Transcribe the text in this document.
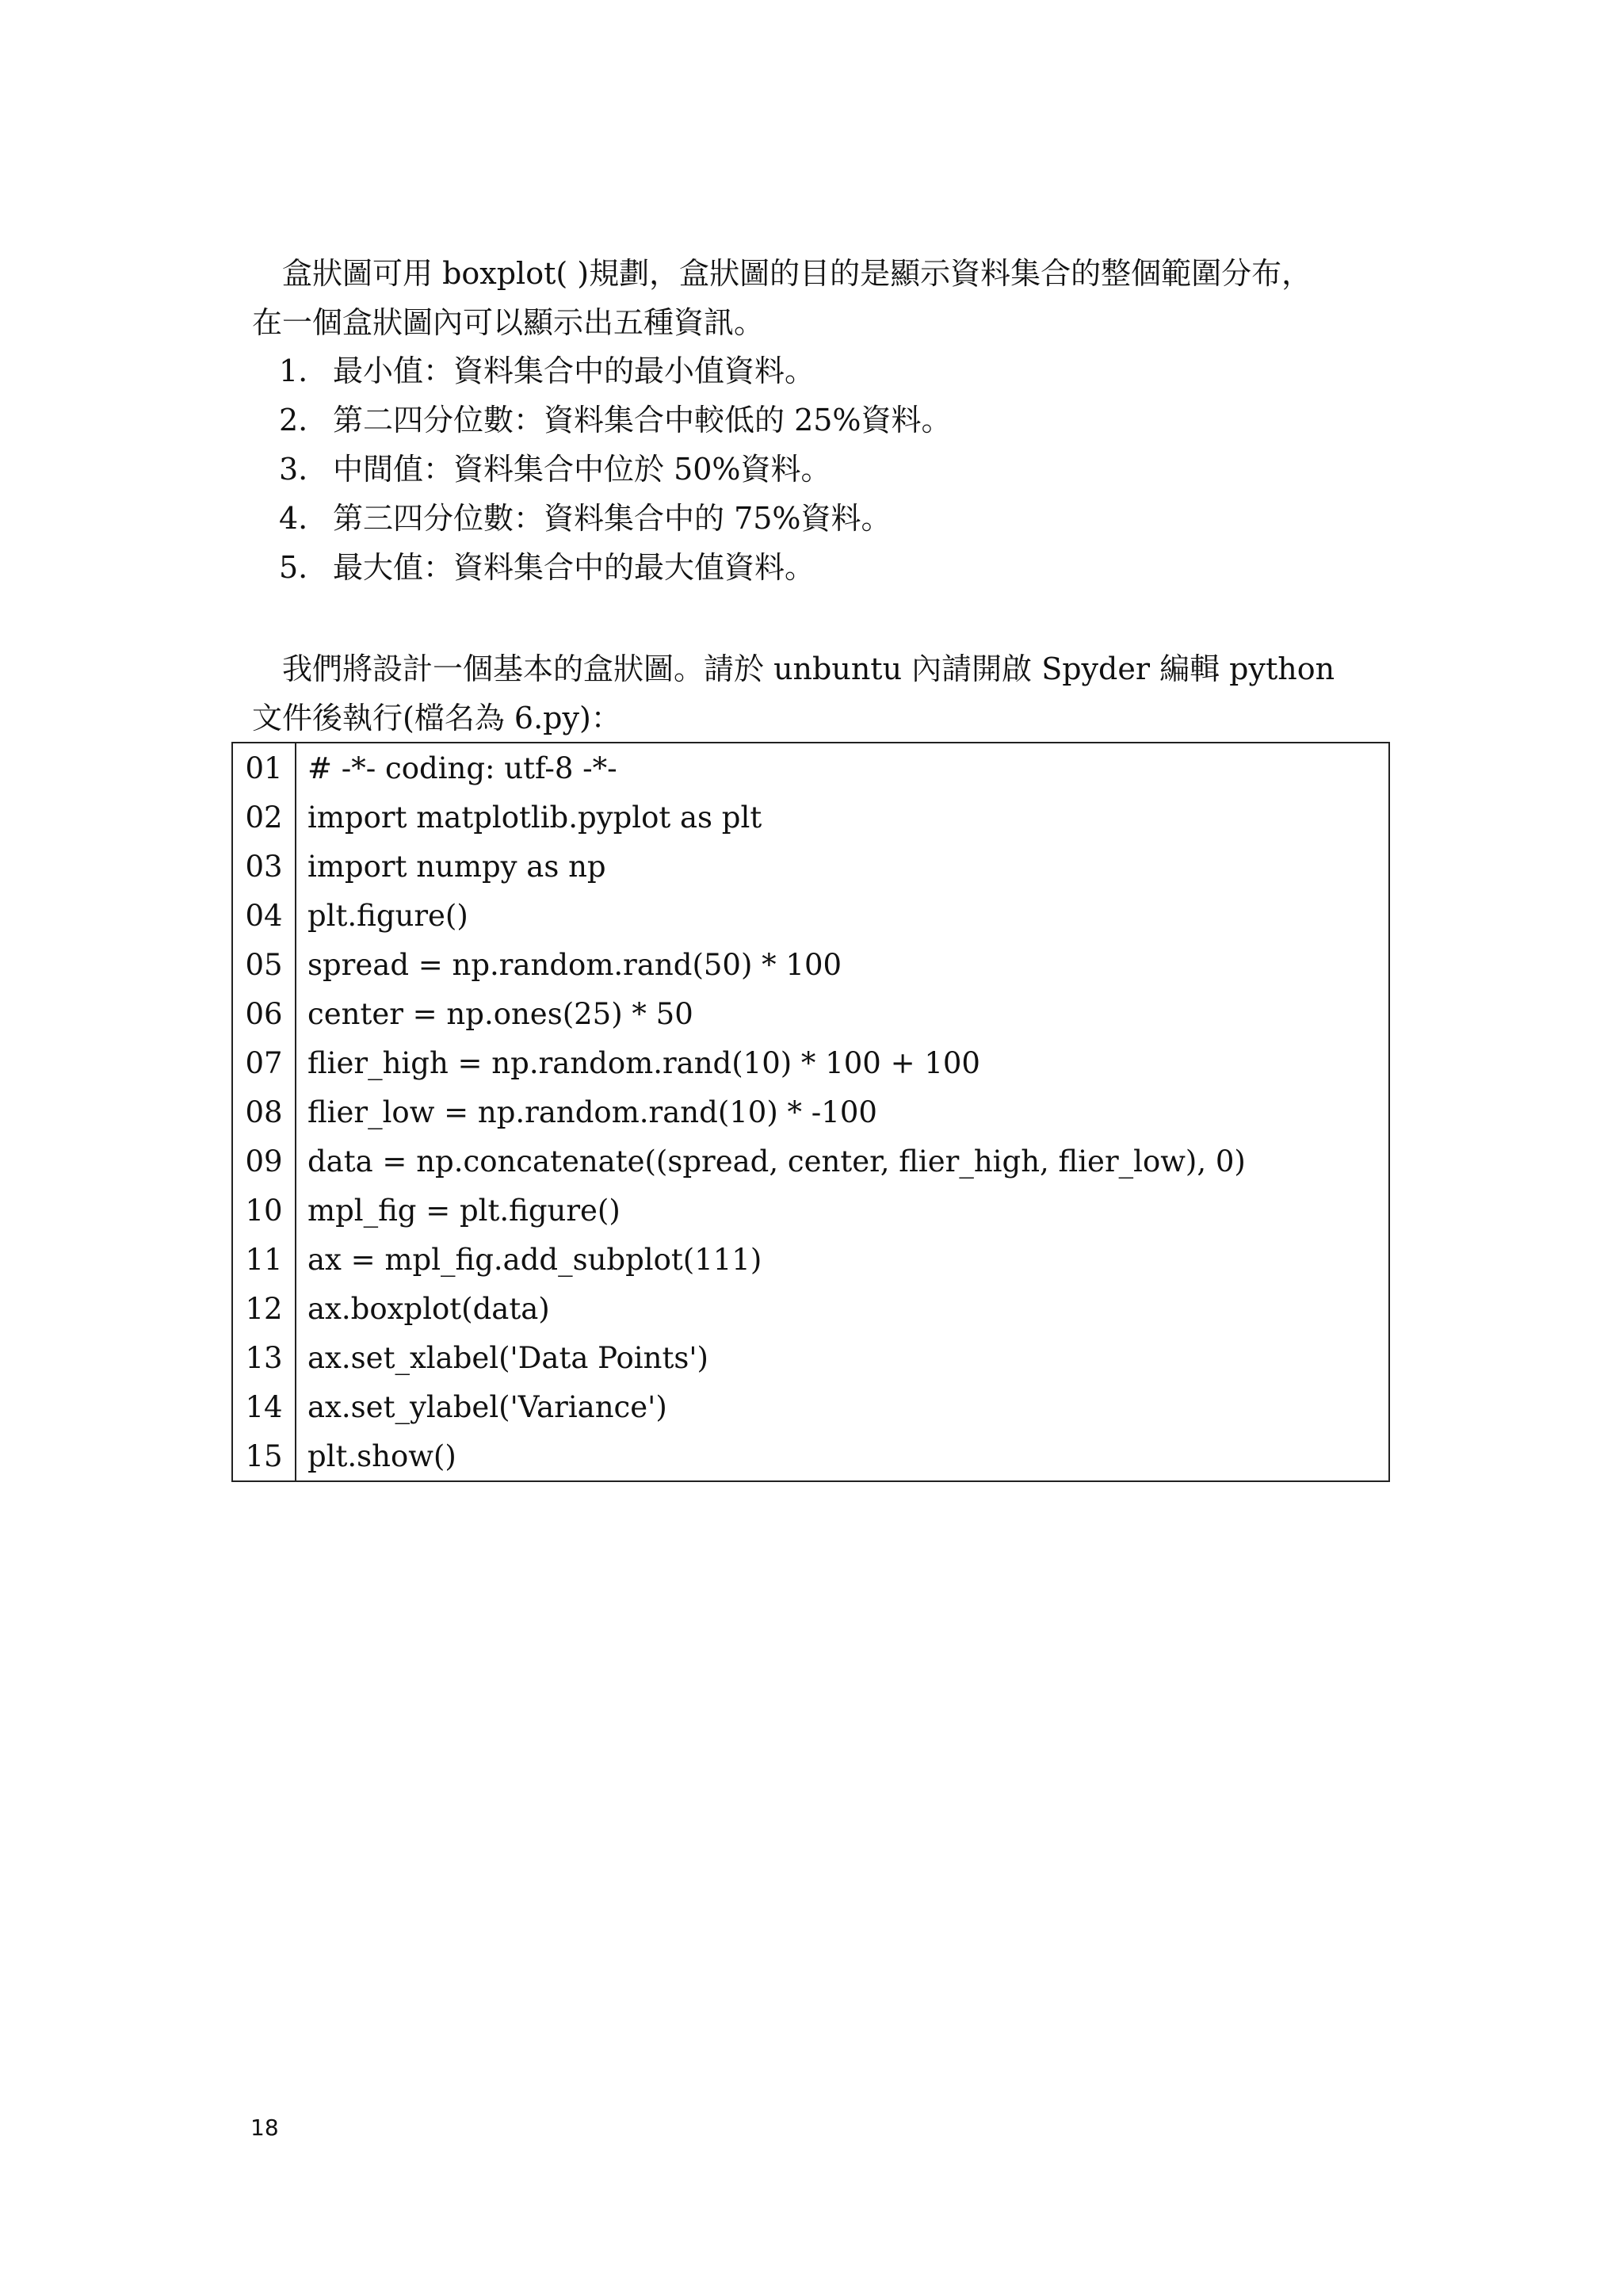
盒狀圖可用 boxplot( )規劃，盒狀圖的目的是顯示資料集合的整個範圍分布，
在一個盒狀圖內可以顯示出五種資訊。

1. 最小值：資料集合中的最小值資料。
2. 第二四分位數：資料集合中較低的 25%資料。
3. 中間值：資料集合中位於 50%資料。
4. 第三四分位數：資料集合中的 75%資料。
5. 最大值：資料集合中的最大值資料。

我們將設計一個基本的盒狀圖。請於 unbuntu 內請開啟 Spyder 編輯 python
文件後執行(檔名為 6.py)：

01	# -*- coding: utf-8 -*-
02	import matplotlib.pyplot as plt
03	import numpy as np
04	plt.figure()
05	spread = np.random.rand(50) * 100
06	center = np.ones(25) * 50
07	flier_high = np.random.rand(10) * 100 + 100
08	flier_low = np.random.rand(10) * -100
09	data = np.concatenate((spread, center, flier_high, flier_low), 0)
10	mpl_fig = plt.figure()
11	ax = mpl_fig.add_subplot(111)
12	ax.boxplot(data)
13	ax.set_xlabel('Data Points')
14	ax.set_ylabel('Variance')
15	plt.show()
18
